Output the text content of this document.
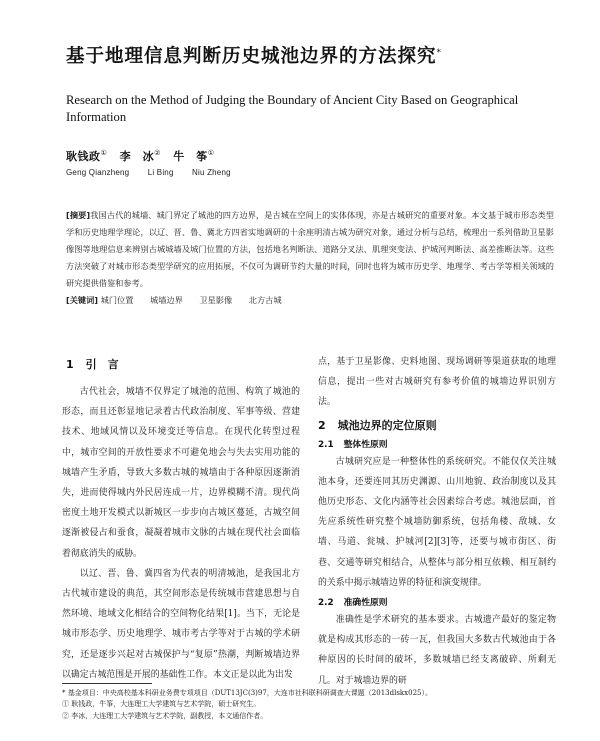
基于地理信息判断历史城池边界的方法探究*
Research on the Method of Judging the Boundary of Ancient City Based on Geographical Information
耿钱政① 李　冰② 牛　筝①
Geng Qianzheng Li Bing Niu Zheng
[摘要]我国古代的城墙、城门界定了城池的四方边界，是古城在空间上的实体体现，亦是古城研究的重要对象。本文基于城市形态类型学和历史地理学理论，以辽、晋、鲁、冀北方四省实地调研的十余座明清古城为研究对象，通过分析与总结，梳理出一系列借助卫星影像图等地理信息来辨别古城城墙及城门位置的方法，包括地名判断法、道路分叉法、肌理突变法、护城河判断法、高差推断法等。这些方法突破了对城市形态类型学研究的应用拓展，不仅可为调研节约大量的时间，同时也将为城市历史学、地理学、考古学等相关领域的研究提供借鉴和参考。
[关键词] 城门位置 城墙边界 卫星影像 北方古城
1 引　言

古代社会，城墙不仅界定了城池的范围、构筑了城池的形态，而且还彰显地记录着古代政治制度、军事等级、营建技术、地域风情以及环境变迁等信息。在现代化转型过程中，城市空间的开放性要求不可避免地会与失去实用功能的城墙产生矛盾，导致大多数古城的城墙由于各种原因逐渐消失，进而使得城内外民居连成一片，边界模糊不清。现代尚密度土地开发模式以新城区一步步向古城区蔓延，古城空间逐渐被侵占和蚕食，凝凝着城市文脉的古城在现代社会面临着彻底消失的威胁。

以辽、晋、鲁、冀四省为代表的明清城池，是我国北方古代城市建设的典范，其空间形态是传统城市营建思想与自然环境、地域文化相结合的空间物化结果[1]。当下，无论是城市形态学、历史地理学、城市考古学等对于古城的学术研究，还是逐步兴起对古城保护与“复原”热潮，判断城墙边界以确定古城范围是开展的基础性工作。本文正是以此为出发

点，基于卫星影像、史料地图、现场调研等渠道获取的地理信息，提出一些对古城研究有参考价值的城墙边界识别方法。

2 城池边界的定位原则
2.1 整体性原则

古城研究应是一种整体性的系统研究。不能仅仅关注城池本身，还要连同其历史渊源、山川地貌、政治制度以及其他历史形态、文化内涵等社会因素综合考虑。城池层面，首先应系统性研究整个城墙防御系统，包括角楼、敌城、女墙、马道、瓮城、护城河[2][3]等，还要与城市街区、街巷、交通等研究相结合，从整体与部分相互依赖、相互制约的关系中揭示城墙边界的特征和演变规律。

2.2 准确性原则

准确性是学术研究的基本要求。古城遗产最好的鉴定物就是构成其形态的一砖一瓦，但我国大多数古代城池由于各种原因的长时间的破坏，多数城墙已经支离破碎、所剩无几。对于城墙边界的研

* 基金项目：中央高校基本科研业务费专项项目（DUT13JC(3)97，大连市社科联科研调查大课题（2013dlskx025）。
① 耿钱政，牛筝，大连理工大学建筑与艺术学院，硕士研究生。
② 李冰，大连理工大学建筑与艺术学院，副教授，本文通信作者。
